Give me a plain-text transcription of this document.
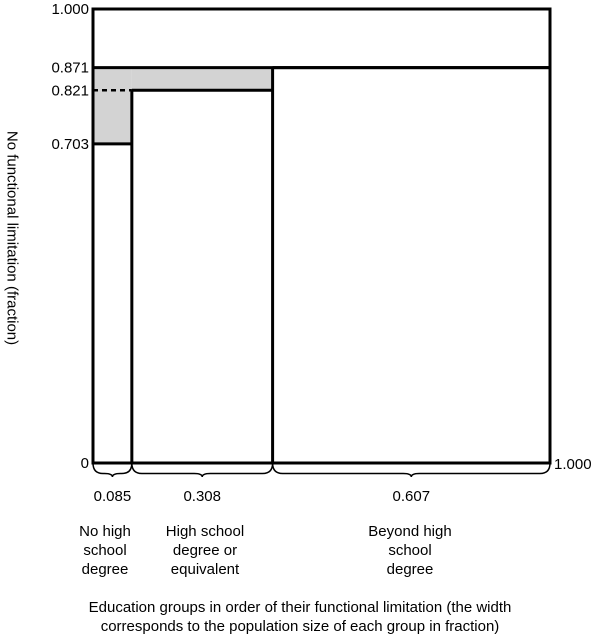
1.000
0.871
0.821
0.703
0	1.000
0.085	0.308	0.607
No functional limitation (fraction)
No high
school
degree
High school
degree or
equivalent
Beyond high
school
degree
Education groups in order of their functional limitation (the width
corresponds to the population size of each group in fraction)
